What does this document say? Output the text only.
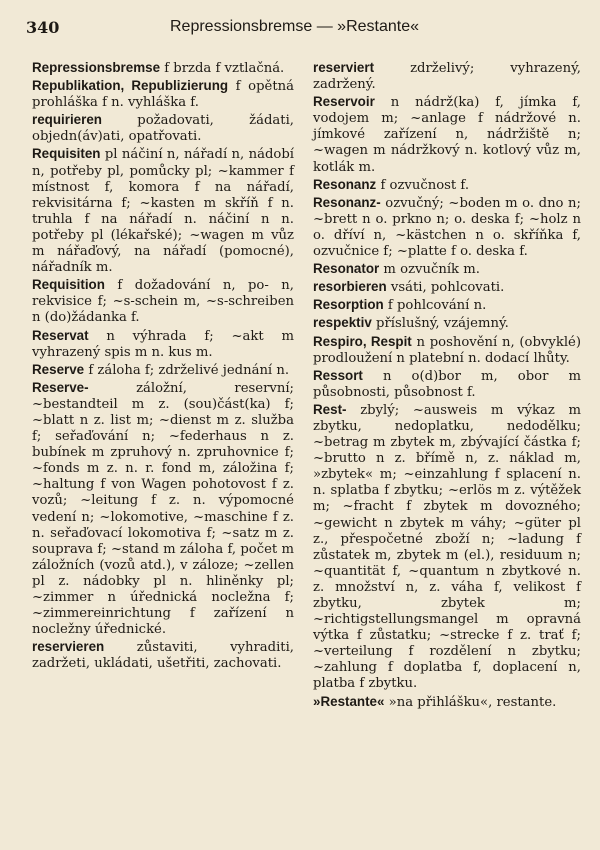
340	Repressionsbremse — »Restante«

Repressionsbremse f brzda f vztlačná.

Republikation, Republizierung f opětná prohláška f n. vyhláška f.

requirieren požadovati, žádati, objedn(áv)ati, opatřovati.

Requisiten pl náčiní n, nářadí n, nádobí n, potřeby pl, pomůcky pl; ~kammer f místnost f, komora f na nářadí, rekvisitárna f; ~kasten m skříň f n. truhla f na nářadí n. náčiní n n. potřeby pl (lékařské); ~wagen m vůz m nářaďový, na nářadí (pomocné), nářadník m.

Requisition f dožadování n, po- n, rekvisice f; ~s-schein m, ~s-schreiben n (do)žádanka f.

Reservat n výhrada f; ~akt m vyhrazený spis m n. kus m.

Reserve f záloha f; zdrželivé jednání n.

Reserve- záložní, reservní; ~bestandteil m z. (sou)část(ka) f; ~blatt n z. list m; ~dienst m z. služba f; seřaďování n; ~federhaus n z. bubínek m zpruhový n. zpruhovnice f; ~fonds m z. n. r. fond m, záložina f; ~haltung f von Wagen pohotovost f z. vozů; ~leitung f z. n. výpomocné vedení n; ~lokomotive, ~maschine f z. n. seřaďovací lokomotiva f; ~satz m z. souprava f; ~stand m záloha f, počet m záložních (vozů atd.), v záloze; ~zellen pl z. nádobky pl n. hliněnky pl; ~zimmer n úřednická nocležna f; ~zimmereinrichtung f zařízení n nocležny úřednické.

reservieren zůstaviti, vyhraditi, zadržeti, ukládati, ušetřiti, zachovati.

reserviert zdrželivý; vyhrazený, zadržený.

Reservoir n nádrž(ka) f, jímka f, vodojem m; ~anlage f nádržové n. jímkové zařízení n, nádržiště n; ~wagen m nádržkový n. kotlový vůz m, kotlák m.

Resonanz f ozvučnost f.

Resonanz- ozvučný; ~boden m o. dno n; ~brett n o. prkno n; o. deska f; ~holz n o. dříví n, ~kästchen n o. skříňka f, ozvučnice f; ~platte f o. deska f.

Resonator m ozvučník m.

resorbieren vsáti, pohlcovati.

Resorption f pohlcování n.

respektiv příslušný, vzájemný.

Respiro, Respit n poshovění n, (obvyklé) prodloužení n platební n. dodací lhůty.

Ressort n o(d)bor m, obor m působnosti, působnost f.

Rest- zbylý; ~ausweis m výkaz m zbytku, nedoplatku, nedodělku; ~betrag m zbytek m, zbývající částka f; ~brutto n z. břímě n, z. náklad m, »zbytek« m; ~einzahlung f splacení n. n. splatba f zbytku; ~erlös m z. výtěžek m; ~fracht f zbytek m dovozného; ~gewicht n zbytek m váhy; ~güter pl z., přespočetné zboží n; ~ladung f zůstatek m, zbytek m (el.), residuum n; ~quantität f, ~quantum n zbytkové n. z. množství n, z. váha f, velikost f zbytku, zbytek m; ~richtigstellungsmangel m opravná výtka f zůstatku; ~strecke f z. trať f; ~verteilung f rozdělení n zbytku; ~zahlung f doplatba f, doplacení n, platba f zbytku.

»Restante« »na přihlášku«, restante.
